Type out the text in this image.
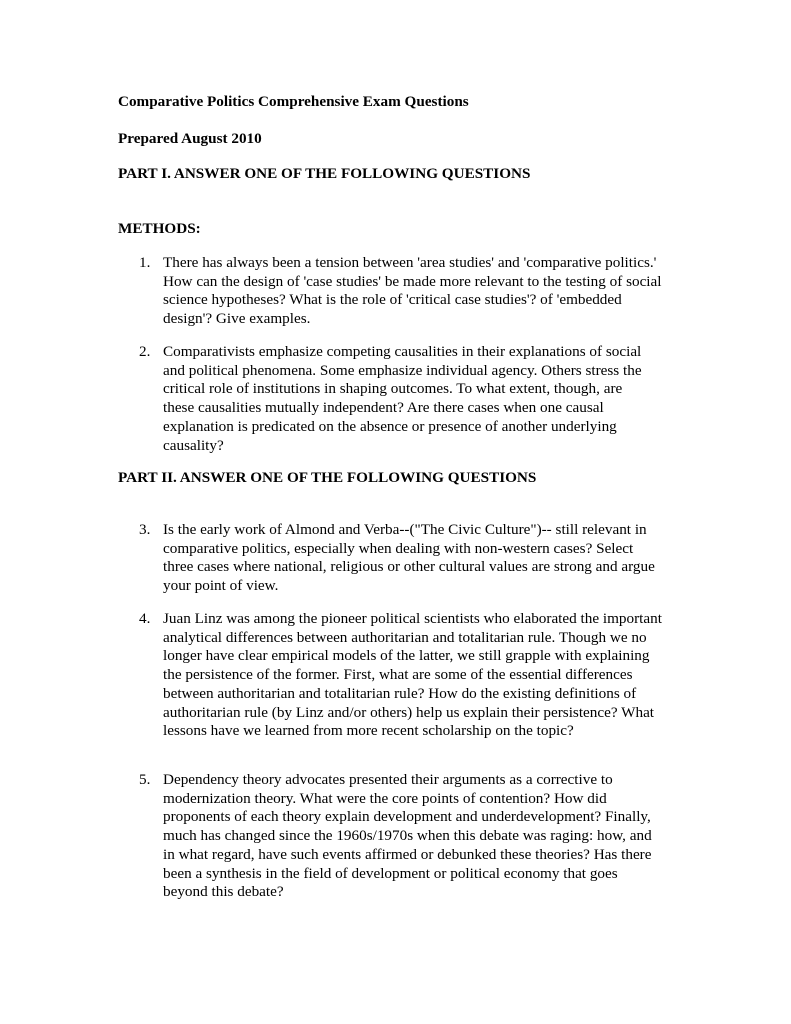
Comparative Politics Comprehensive Exam Questions

Prepared August 2010

PART I. ANSWER ONE OF THE FOLLOWING QUESTIONS

METHODS:

1. There has always been a tension between 'area studies' and 'comparative politics.'
How can the design of 'case studies' be made more relevant to the testing of social
science hypotheses? What is the role of 'critical case studies'? of 'embedded
design'? Give examples.
2. Comparativists emphasize competing causalities in their explanations of social
and political phenomena. Some emphasize individual agency. Others stress the
critical role of institutions in shaping outcomes. To what extent, though, are
these causalities mutually independent? Are there cases when one causal
explanation is predicated on the absence or presence of another underlying
causality?

PART II. ANSWER ONE OF THE FOLLOWING QUESTIONS

3. Is the early work of Almond and Verba--("The Civic Culture")-- still relevant in
comparative politics, especially when dealing with non-western cases? Select
three cases where national, religious or other cultural values are strong and argue
your point of view.
4. Juan Linz was among the pioneer political scientists who elaborated the important
analytical differences between authoritarian and totalitarian rule. Though we no
longer have clear empirical models of the latter, we still grapple with explaining
the persistence of the former. First, what are some of the essential differences
between authoritarian and totalitarian rule? How do the existing definitions of
authoritarian rule (by Linz and/or others) help us explain their persistence? What
lessons have we learned from more recent scholarship on the topic?
5. Dependency theory advocates presented their arguments as a corrective to
modernization theory. What were the core points of contention? How did
proponents of each theory explain development and underdevelopment? Finally,
much has changed since the 1960s/1970s when this debate was raging: how, and
in what regard, have such events affirmed or debunked these theories? Has there
been a synthesis in the field of development or political economy that goes
beyond this debate?
